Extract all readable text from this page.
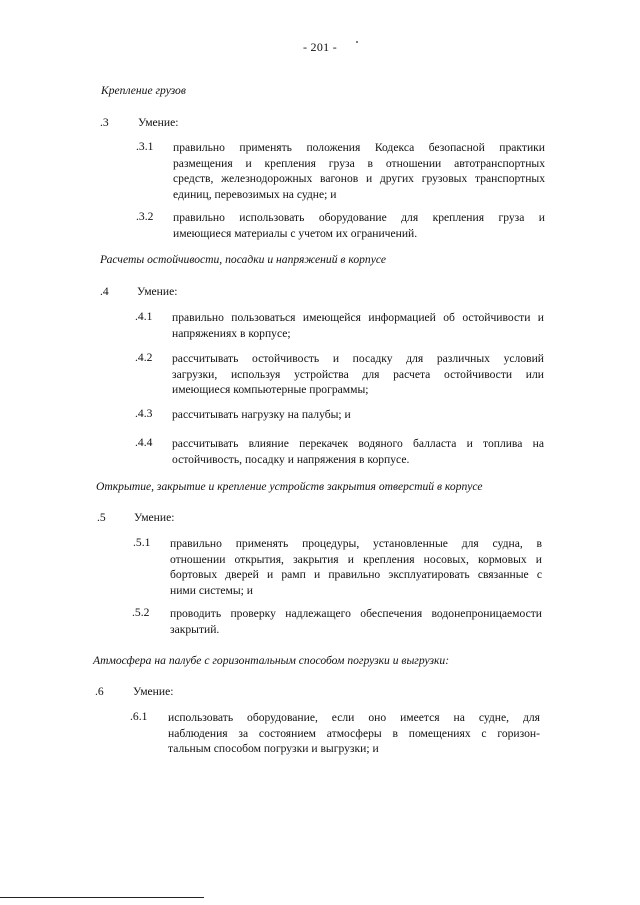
- 201 -
Крепление грузов
.3	Умение:
.3.1 правильно применять положения Кодекса безопасной практики
размещения и крепления груза в отношении автотранспортных
средств, железнодорожных вагонов и других грузовых транспортных
единиц, перевозимых на судне; и
.3.2 правильно использовать оборудование для крепления груза и
имеющиеся материалы с учетом их ограничений.
Расчеты остойчивости, посадки и напряжений в корпусе
.4 Умение:
.4.1 правильно пользоваться имеющейся информацией об остойчивости и
напряжениях в корпусе;
.4.2 рассчитывать остойчивость и посадку для различных условий
загрузки, используя устройства для расчета остойчивости или
имеющиеся компьютерные программы;
.4.3 рассчитывать нагрузку на палубы; и
.4.4 рассчитывать влияние перекачек водяного балласта и топлива на
остойчивость, посадку и напряжения в корпусе.
Открытие, закрытие и крепление устройств закрытия отверстий в корпусе
.5 Умение:
.5.1 правильно применять процедуры, установленные для судна, в
отношении открытия, закрытия и крепления носовых, кормовых и
бортовых дверей и рамп и правильно эксплуатировать связанные с
ними системы; и
.5.2 проводить проверку надлежащего обеспечения водонепроницаемости
закрытий.
Атмосфера на палубе с горизонтальным способом погрузки и выгрузки:
.6	Умение:
.6.1 использовать оборудование, если оно имеется на судне, для
наблюдения за состоянием атмосферы в помещениях с горизон-
тальным способом погрузки и выгрузки; и
